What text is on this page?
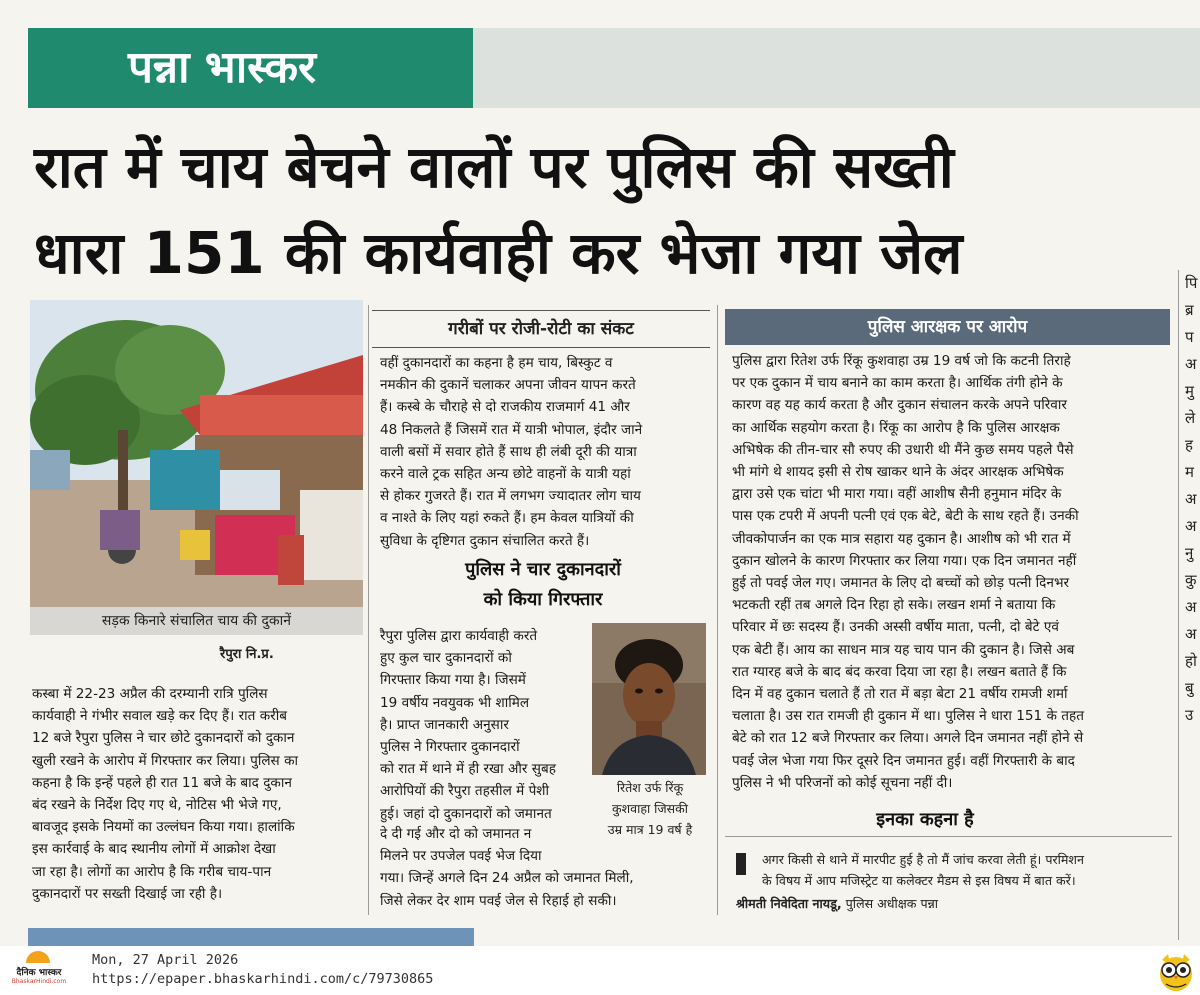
पन्ना भास्कर
रात में चाय बेचने वालों पर पुलिस की सख्ती
धारा 151 की कार्यवाही कर भेजा गया जेल
सड़क किनारे संचालित चाय की दुकानें
रैपुरा नि.प्र.
कस्बा में 22-23 अप्रैल की दरम्यानी रात्रि पुलिस
कार्यवाही ने गंभीर सवाल खड़े कर दिए हैं। रात करीब
12 बजे रैपुरा पुलिस ने चार छोटे दुकानदारों को दुकान
खुली रखने के आरोप में गिरफ्तार कर लिया। पुलिस का
कहना है कि इन्हें पहले ही रात 11 बजे के बाद दुकान
बंद रखने के निर्देश दिए गए थे, नोटिस भी भेजे गए,
बावजूद इसके नियमों का उल्लंघन किया गया। हालांकि
इस कार्रवाई के बाद स्थानीय लोगों में आक्रोश देखा
जा रहा है। लोगों का आरोप है कि गरीब चाय-पान
दुकानदारों पर सख्ती दिखाई जा रही है।
गरीबों पर रोजी-रोटी का संकट
वहीं दुकानदारों का कहना है हम चाय, बिस्कुट व
नमकीन की दुकानें चलाकर अपना जीवन यापन करते
हैं। कस्बे के चौराहे से दो राजकीय राजमार्ग 41 और
48 निकलते हैं जिसमें रात में यात्री भोपाल, इंदौर जाने
वाली बसों में सवार होते हैं साथ ही लंबी दूरी की यात्रा
करने वाले ट्रक सहित अन्य छोटे वाहनों के यात्री यहां
से होकर गुजरते हैं। रात में लगभग ज्यादातर लोग चाय
व नाश्ते के लिए यहां रुकते हैं। हम केवल यात्रियों की
सुविधा के दृष्टिगत दुकान संचालित करते हैं।
पुलिस ने चार दुकानदारों
को किया गिरफ्तार
रैपुरा पुलिस द्वारा कार्यवाही करते
हुए कुल चार दुकानदारों को
गिरफ्तार किया गया है। जिसमें
19 वर्षीय नवयुवक भी शामिल
है। प्राप्त जानकारी अनुसार
पुलिस ने गिरफ्तार दुकानदारों
को रात में थाने में ही रखा और सुबह
आरोपियों की रैपुरा तहसील में पेशी
हुई। जहां दो दुकानदारों को जमानत
दे दी गई और दो को जमानत न
मिलने पर उपजेल पवई भेज दिया
गया। जिन्हें अगले दिन 24 अप्रैल को जमानत मिली,
जिसे लेकर देर शाम पवई जेल से रिहाई हो सकी।
रितेश उर्फ रिंकू
कुशवाहा जिसकी
उम्र मात्र 19 वर्ष है
पुलिस आरक्षक पर आरोप
पुलिस द्वारा रितेश उर्फ रिंकू कुशवाहा उम्र 19 वर्ष जो कि कटनी तिराहे
पर एक दुकान में चाय बनाने का काम करता है। आर्थिक तंगी होने के
कारण वह यह कार्य करता है और दुकान संचालन करके अपने परिवार
का आर्थिक सहयोग करता है। रिंकू का आरोप है कि पुलिस आरक्षक
अभिषेक की तीन-चार सौ रुपए की उधारी थी मैंने कुछ समय पहले पैसे
भी मांगे थे शायद इसी से रोष खाकर थाने के अंदर आरक्षक अभिषेक
द्वारा उसे एक चांटा भी मारा गया। वहीं आशीष सैनी हनुमान मंदिर के
पास एक टपरी में अपनी पत्नी एवं एक बेटे, बेटी के साथ रहते हैं। उनकी
जीवकोपार्जन का एक मात्र सहारा यह दुकान है। आशीष को भी रात में
दुकान खोलने के कारण गिरफ्तार कर लिया गया। एक दिन जमानत नहीं
हुई तो पवई जेल गए। जमानत के लिए दो बच्चों को छोड़ पत्नी दिनभर
भटकती रहीं तब अगले दिन रिहा हो सके। लखन शर्मा ने बताया कि
परिवार में छः सदस्य हैं। उनकी अस्सी वर्षीय माता, पत्नी, दो बेटे एवं
एक बेटी हैं। आय का साधन मात्र यह चाय पान की दुकान है। जिसे अब
रात ग्यारह बजे के बाद बंद करवा दिया जा रहा है। लखन बताते हैं कि
दिन में वह दुकान चलाते हैं तो रात में बड़ा बेटा 21 वर्षीय रामजी शर्मा
चलाता है। उस रात रामजी ही दुकान में था। पुलिस ने धारा 151 के तहत
बेटे को रात 12 बजे गिरफ्तार कर लिया। अगले दिन जमानत नहीं होने से
पवई जेल भेजा गया फिर दूसरे दिन जमानत हुई। वहीं गिरफ्तारी के बाद
पुलिस ने भी परिजनों को कोई सूचना नहीं दी।
इनका कहना है
अगर किसी से थाने में मारपीट हुई है तो मैं जांच करवा लेती हूं। परमिशन
के विषय में आप मजिस्ट्रेट या कलेक्टर मैडम से इस विषय में बात करें।
श्रीमती निवेदिता नायडू, पुलिस अधीक्षक पन्ना
पि
ब्र
प
अ
मु
ले
ह
म
अ
अ
नु
कु
अ
अ
हो
बु
उ
दैनिक भास्कर
BhaskarHindi.com
Mon, 27 April 2026
https://epaper.bhaskarhindi.com/c/79730865
